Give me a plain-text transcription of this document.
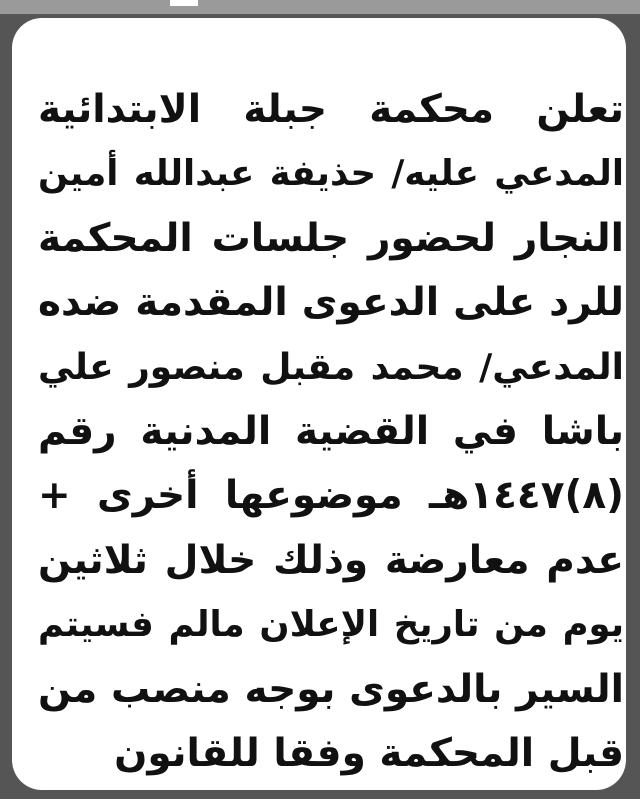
تعلن محكمة جبلة الابتدائية
المدعي عليه/ حذيفة عبدالله أمين
النجار لحضور جلسات المحكمة
للرد على الدعوى المقدمة ضده
المدعي/ محمد مقبل منصور علي
باشا في القضية المدنية رقم
(٨)١٤٤٧هـ موضوعها أخرى +
عدم معارضة وذلك خلال ثلاثين
يوم من تاريخ الإعلان مالم فسيتم
السير بالدعوى بوجه منصب من
قبل المحكمة وفقا للقانون
